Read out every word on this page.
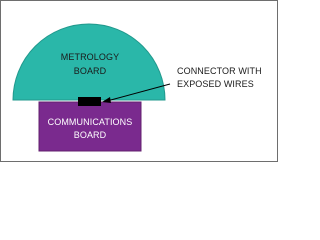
METROLOGY
BOARD
COMMUNICATIONS
BOARD
CONNECTOR WITH
EXPOSED WIRES
